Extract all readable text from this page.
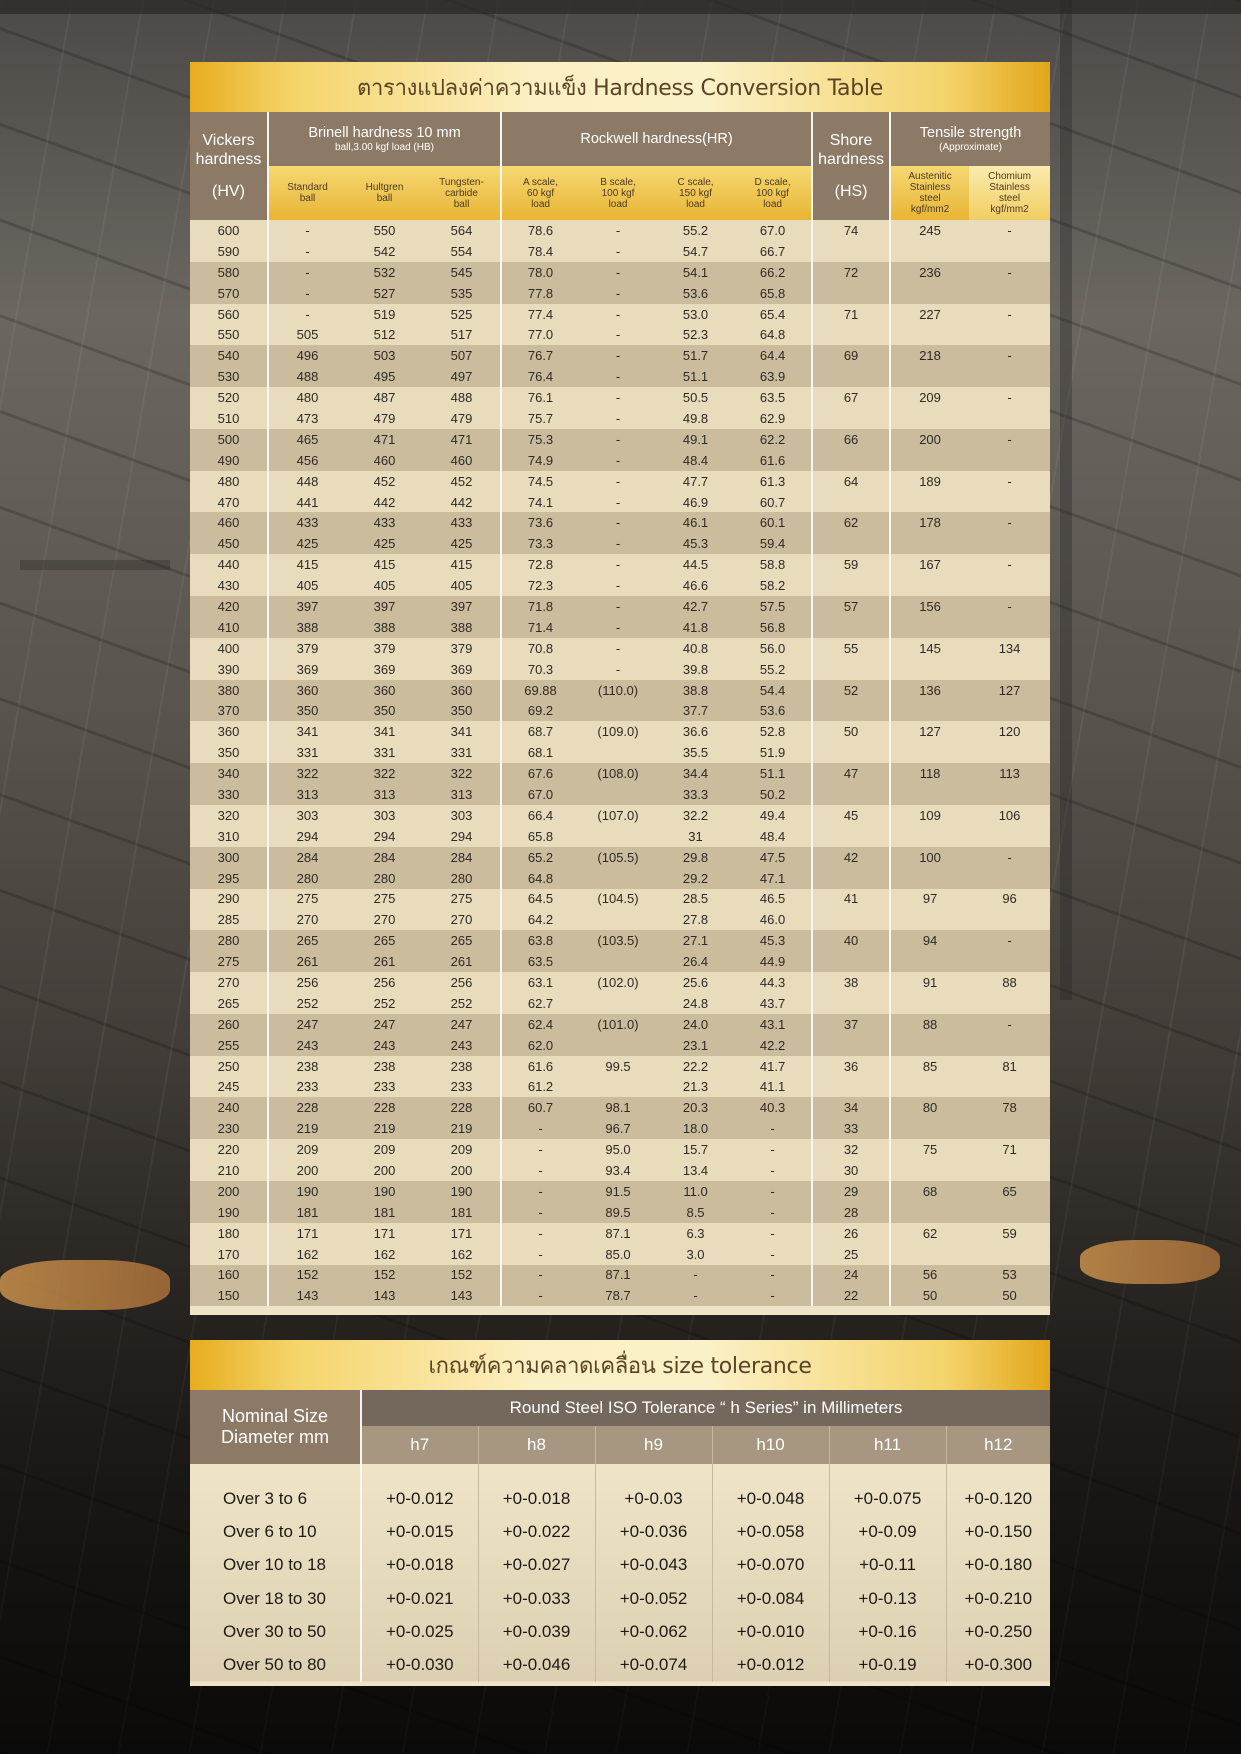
ตารางแปลงค่าความแข็ง Hardness Conversion Table
Vickers
hardness
(HV)	Brinell hardness 10 mm
ball,3.00 kgf load (HB)			Rockwell hardness(HR)				Shore
hardness
(HS)	Tensile strength
(Approximate)	

	Standard
ball	Hultgren
ball	Tungsten-
carbide
ball	A scale,
60 kgf
load	B scale,
100 kgf
load	C scale,
150 kgf
load	D scale,
100 kgf
load		Austenitic
Stainless
steel
kgf/mm2	Chomium
Stainless
steel
kgf/mm2
600	-	550	564	78.6	-	55.2	67.0	74	245	-
590	-	542	554	78.4	-	54.7	66.7			
580	-	532	545	78.0	-	54.1	66.2	72	236	-
570	-	527	535	77.8	-	53.6	65.8			
560	-	519	525	77.4	-	53.0	65.4	71	227	-
550	505	512	517	77.0	-	52.3	64.8			
540	496	503	507	76.7	-	51.7	64.4	69	218	-
530	488	495	497	76.4	-	51.1	63.9			
520	480	487	488	76.1	-	50.5	63.5	67	209	-
510	473	479	479	75.7	-	49.8	62.9			
500	465	471	471	75.3	-	49.1	62.2	66	200	-
490	456	460	460	74.9	-	48.4	61.6			
480	448	452	452	74.5	-	47.7	61.3	64	189	-
470	441	442	442	74.1	-	46.9	60.7			
460	433	433	433	73.6	-	46.1	60.1	62	178	-
450	425	425	425	73.3	-	45.3	59.4			
440	415	415	415	72.8	-	44.5	58.8	59	167	-
430	405	405	405	72.3	-	46.6	58.2			
420	397	397	397	71.8	-	42.7	57.5	57	156	-
410	388	388	388	71.4	-	41.8	56.8			
400	379	379	379	70.8	-	40.8	56.0	55	145	134
390	369	369	369	70.3	-	39.8	55.2			
380	360	360	360	69.88	(110.0)	38.8	54.4	52	136	127
370	350	350	350	69.2		37.7	53.6			
360	341	341	341	68.7	(109.0)	36.6	52.8	50	127	120
350	331	331	331	68.1		35.5	51.9			
340	322	322	322	67.6	(108.0)	34.4	51.1	47	118	113
330	313	313	313	67.0		33.3	50.2			
320	303	303	303	66.4	(107.0)	32.2	49.4	45	109	106
310	294	294	294	65.8		31	48.4			
300	284	284	284	65.2	(105.5)	29.8	47.5	42	100	-
295	280	280	280	64.8		29.2	47.1			
290	275	275	275	64.5	(104.5)	28.5	46.5	41	97	96
285	270	270	270	64.2		27.8	46.0			
280	265	265	265	63.8	(103.5)	27.1	45.3	40	94	-
275	261	261	261	63.5		26.4	44.9			
270	256	256	256	63.1	(102.0)	25.6	44.3	38	91	88
265	252	252	252	62.7		24.8	43.7			
260	247	247	247	62.4	(101.0)	24.0	43.1	37	88	-
255	243	243	243	62.0		23.1	42.2			
250	238	238	238	61.6	99.5	22.2	41.7	36	85	81
245	233	233	233	61.2		21.3	41.1			
240	228	228	228	60.7	98.1	20.3	40.3	34	80	78
230	219	219	219	-	96.7	18.0	-	33		
220	209	209	209	-	95.0	15.7	-	32	75	71
210	200	200	200	-	93.4	13.4	-	30		
200	190	190	190	-	91.5	11.0	-	29	68	65
190	181	181	181	-	89.5	8.5	-	28		
180	171	171	171	-	87.1	6.3	-	26	62	59
170	162	162	162	-	85.0	3.0	-	25		
160	152	152	152	-	87.1	-	-	24	56	53
150	143	143	143	-	78.7	-	-	22	50	50
เกณฑ์ความคลาดเคลื่อน size tolerance
Nominal Size
Diameter mm	Round Steel ISO Tolerance “ h Series” in Millimeters					
	h7	h8	h9	h10	h11	h12

Over 3 to 6	+0-0.012	+0-0.018	+0-0.03	+0-0.048	+0-0.075	+0-0.120
Over 6 to 10	+0-0.015	+0-0.022	+0-0.036	+0-0.058	+0-0.09	+0-0.150
Over 10 to 18	+0-0.018	+0-0.027	+0-0.043	+0-0.070	+0-0.11	+0-0.180
Over 18 to 30	+0-0.021	+0-0.033	+0-0.052	+0-0.084	+0-0.13	+0-0.210
Over 30 to 50	+0-0.025	+0-0.039	+0-0.062	+0-0.010	+0-0.16	+0-0.250
Over 50 to 80	+0-0.030	+0-0.046	+0-0.074	+0-0.012	+0-0.19	+0-0.300
